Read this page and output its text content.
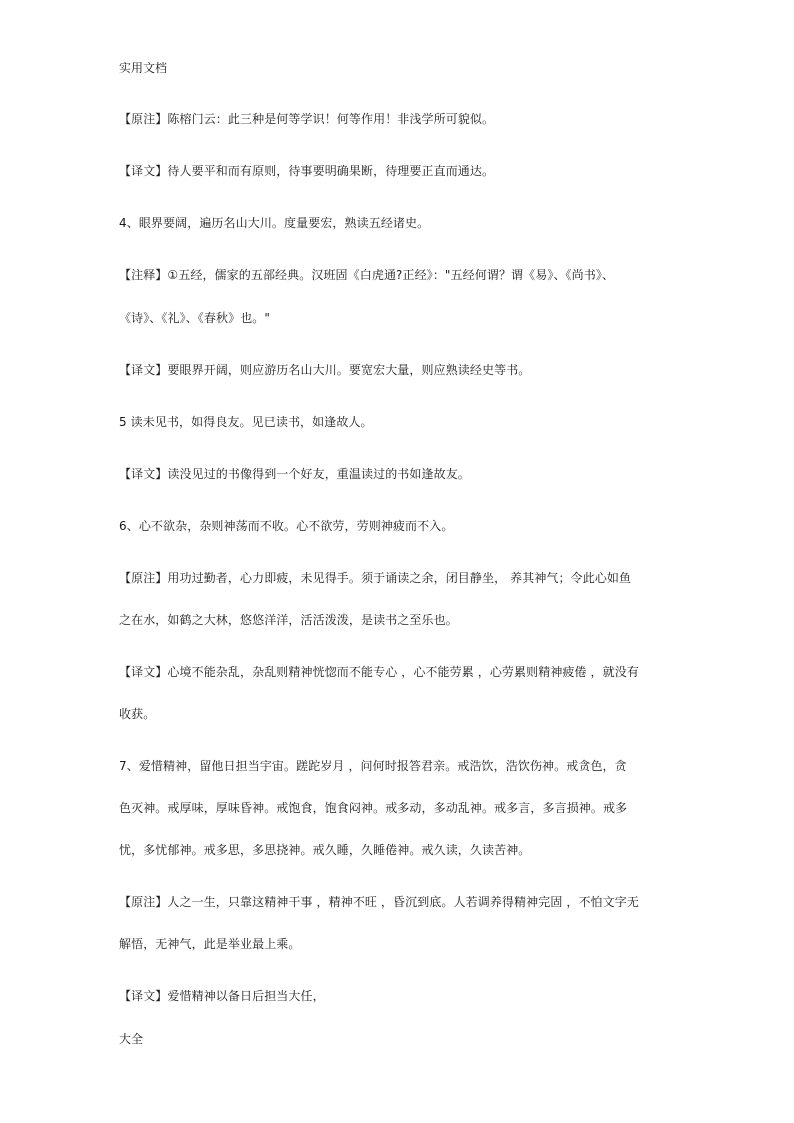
实用文档
【原注】陈榕门云：此三种是何等学识！何等作用！非浅学所可貌似。
【译文】待人要平和而有原则，待事要明确果断，待理要正直而通达。
4、眼界要阔，遍历名山大川。度量要宏，熟读五经诸史。
【注释】①五经，儒家的五部经典。汉班固《白虎通?正经》："五经何谓？谓《易》、《尚书》、
《诗》、《礼》、《春秋》也。"
【译文】要眼界开阔，则应游历名山大川。要宽宏大量，则应熟读经史等书。
5 读未见书，如得良友。见已读书，如逢故人。
【译文】读没见过的书像得到一个好友，重温读过的书如逢故友。
6、心不欲杂，杂则神荡而不收。心不欲劳，劳则神疲而不入。
【原注】用功过勤者，心力即疲，未见得手。须于诵读之余，闭目静坐， 养其神气；令此心如鱼
之在水，如鹤之大林，悠悠洋洋，活活泼泼，是读书之至乐也。
【译文】心境不能杂乱，杂乱则精神恍惚而不能专心 ，心不能劳累 ，心劳累则精神疲倦 ，就没有
收获。
7、爱惜精神，留他日担当宇宙。蹉跎岁月 ，问何时报答君亲。戒浩饮，浩饮伤神。戒贪色，贪
色灭神。戒厚味，厚味昏神。戒饱食，饱食闷神。戒多动，多动乱神。戒多言，多言损神。戒多
忧，多忧郁神。戒多思，多思挠神。戒久睡，久睡倦神。戒久读，久读苦神。
【原注】人之一生，只靠这精神干事 ，精神不旺 ，昏沉到底。人若调养得精神完固 ，不怕文字无
解悟，无神气，此是举业最上乘。
【译文】爱惜精神以备日后担当大任，
大全
